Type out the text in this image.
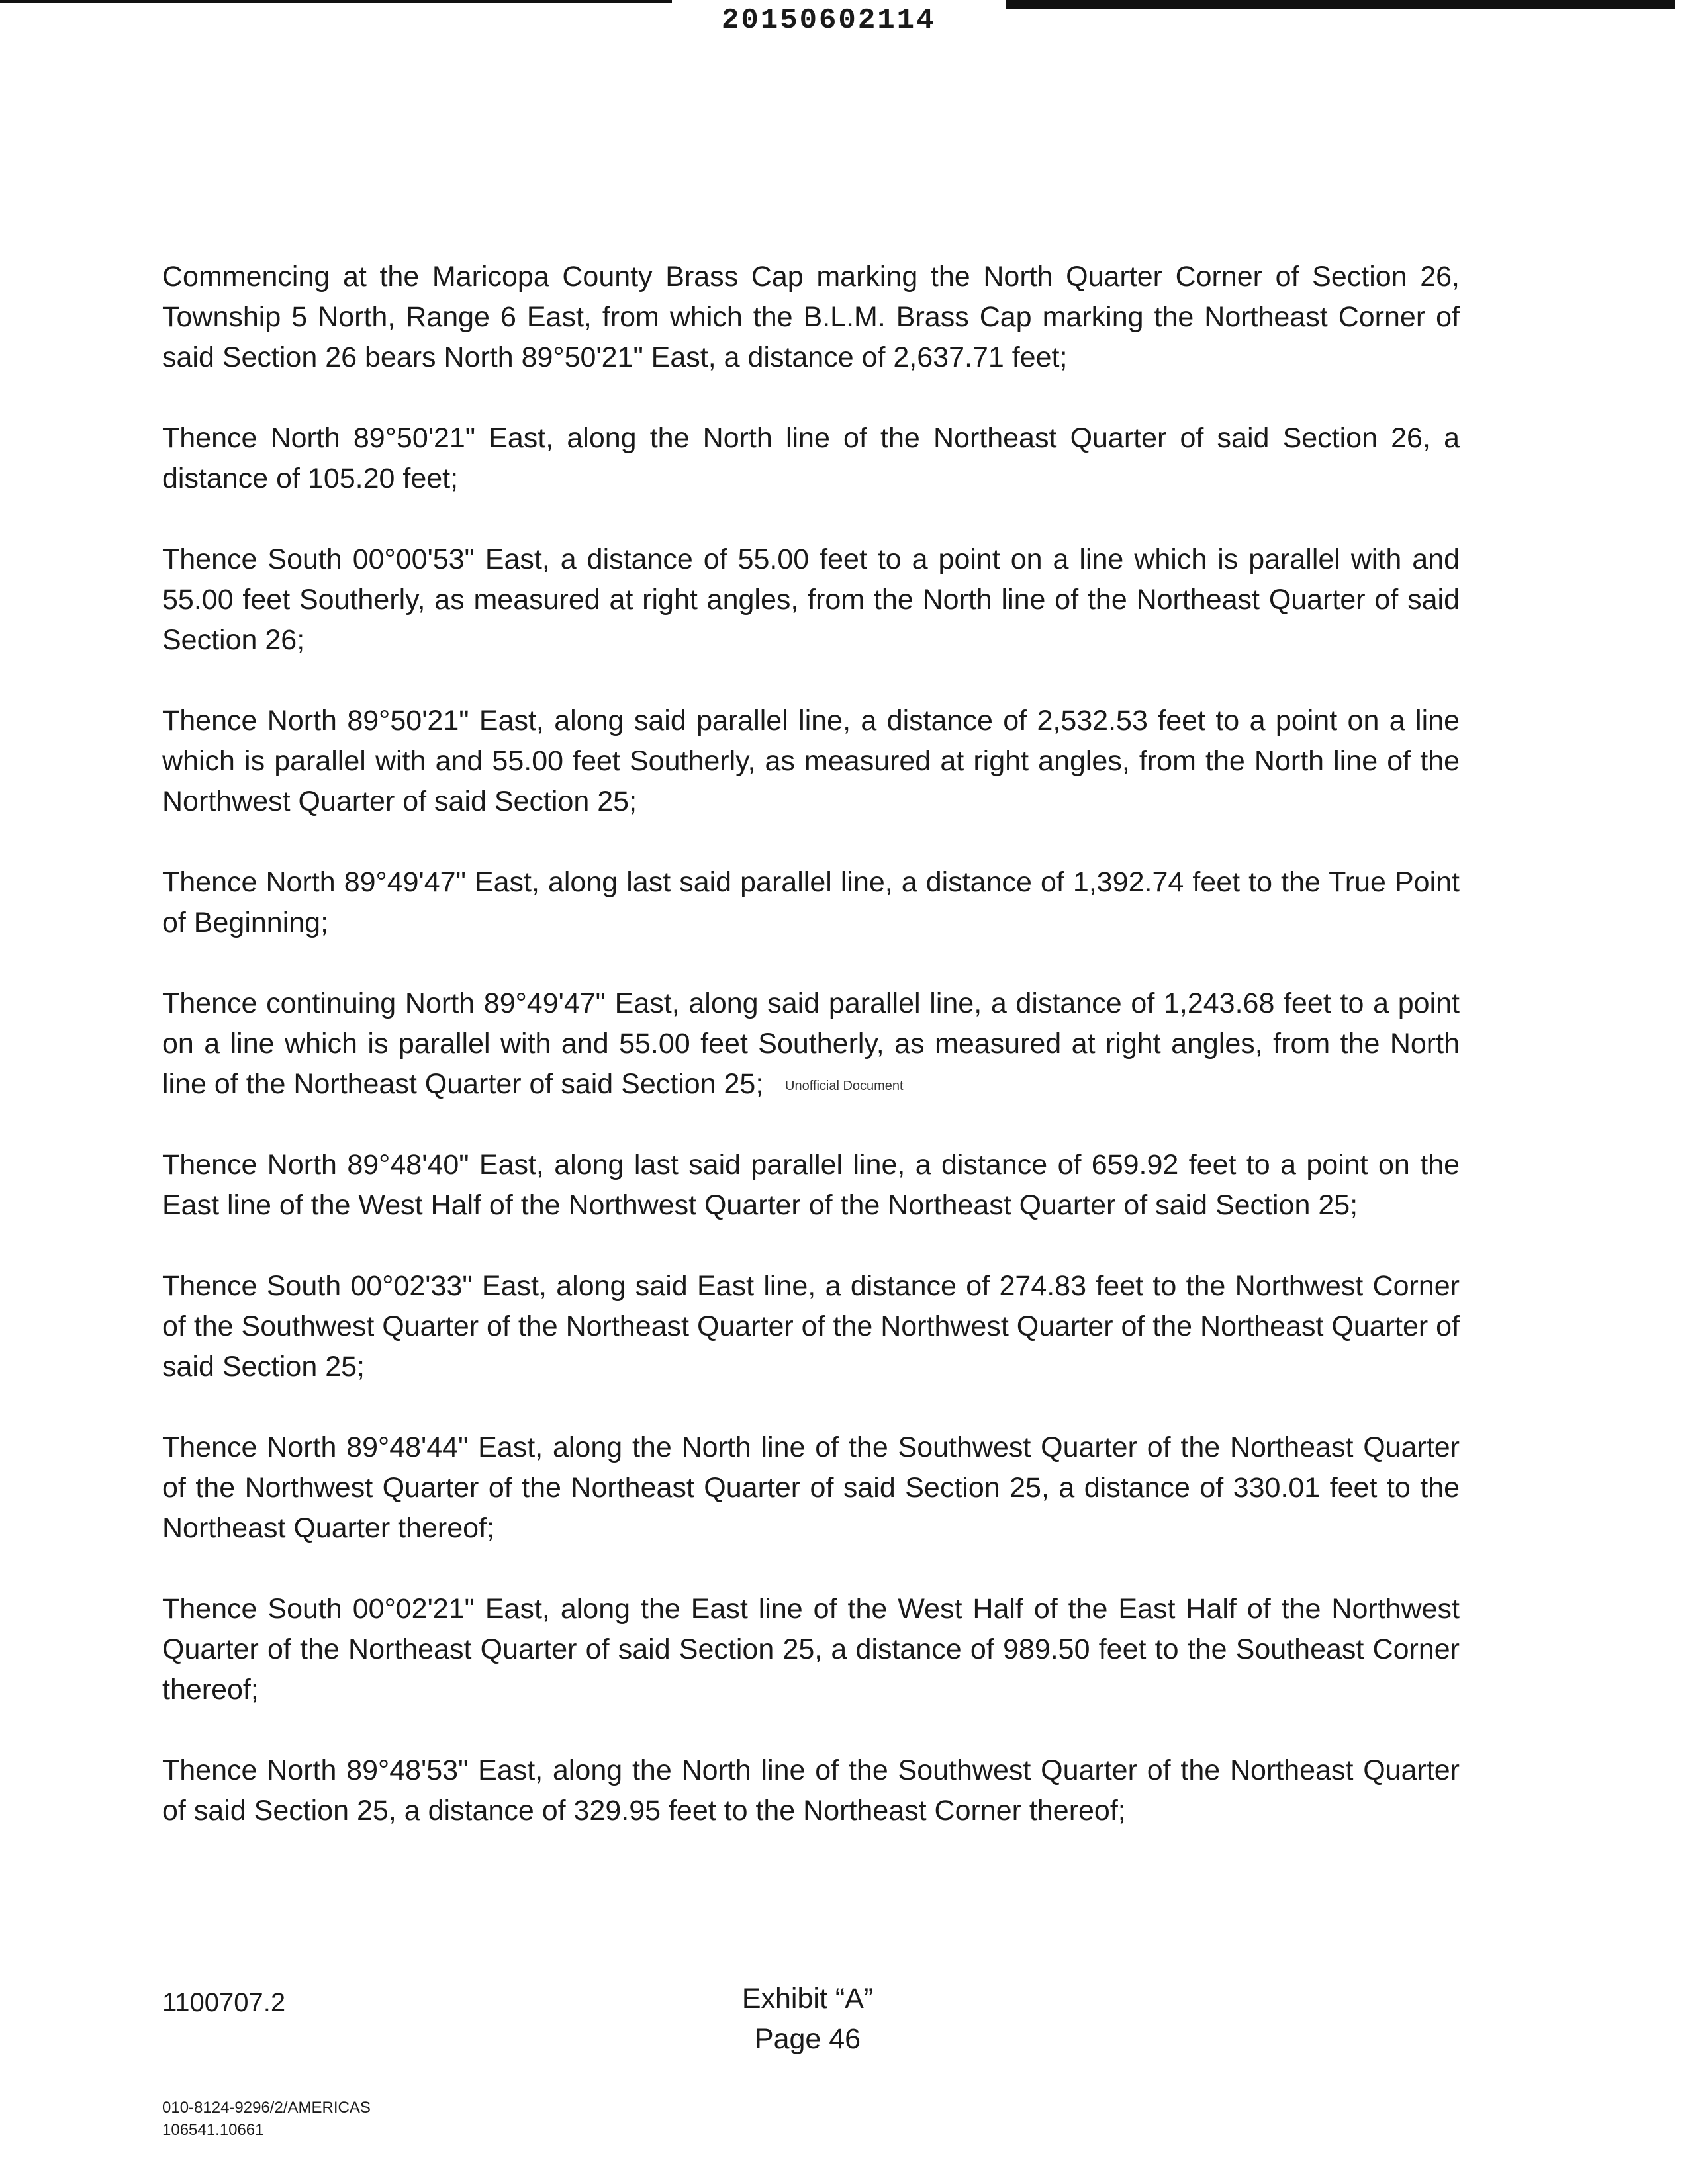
20150602114

Commencing at the Maricopa County Brass Cap marking the North Quarter Corner of Section 26, Township 5 North, Range 6 East, from which the B.L.M. Brass Cap marking the Northeast Corner of said Section 26 bears North 89°50'21" East, a distance of 2,637.71 feet;

Thence North 89°50'21" East, along the North line of the Northeast Quarter of said Section 26, a distance of 105.20 feet;

Thence South 00°00'53" East, a distance of 55.00 feet to a point on a line which is parallel with and 55.00 feet Southerly, as measured at right angles, from the North line of the Northeast Quarter of said Section 26;

Thence North 89°50'21" East, along said parallel line, a distance of 2,532.53 feet to a point on a line which is parallel with and 55.00 feet Southerly, as measured at right angles, from the North line of the Northwest Quarter of said Section 25;

Thence North 89°49'47" East, along last said parallel line, a distance of 1,392.74 feet to the True Point of Beginning;

Thence continuing North 89°49'47" East, along said parallel line, a distance of 1,243.68 feet to a point on a line which is parallel with and 55.00 feet Southerly, as measured at right angles, from the North line of the Northeast Quarter of said Section 25;

Thence North 89°48'40" East, along last said parallel line, a distance of 659.92 feet to a point on the East line of the West Half of the Northwest Quarter of the Northeast Quarter of said Section 25;

Thence South 00°02'33" East, along said East line, a distance of 274.83 feet to the Northwest Corner of the Southwest Quarter of the Northeast Quarter of the Northwest Quarter of the Northeast Quarter of said Section 25;

Thence North 89°48'44" East, along the North line of the Southwest Quarter of the Northeast Quarter of the Northwest Quarter of the Northeast Quarter of said Section 25, a distance of 330.01 feet to the Northeast Quarter thereof;

Thence South 00°02'21" East, along the East line of the West Half of the East Half of the Northwest Quarter of the Northeast Quarter of said Section 25, a distance of 989.50 feet to the Southeast Corner thereof;

Thence North 89°48'53" East, along the North line of the Southwest Quarter of the Northeast Quarter of said Section 25, a distance of 329.95 feet to the Northeast Corner thereof;

Unofficial Document
1100707.2	Exhibit “A”
Page 46
010-8124-9296/2/AMERICAS
106541.10661
